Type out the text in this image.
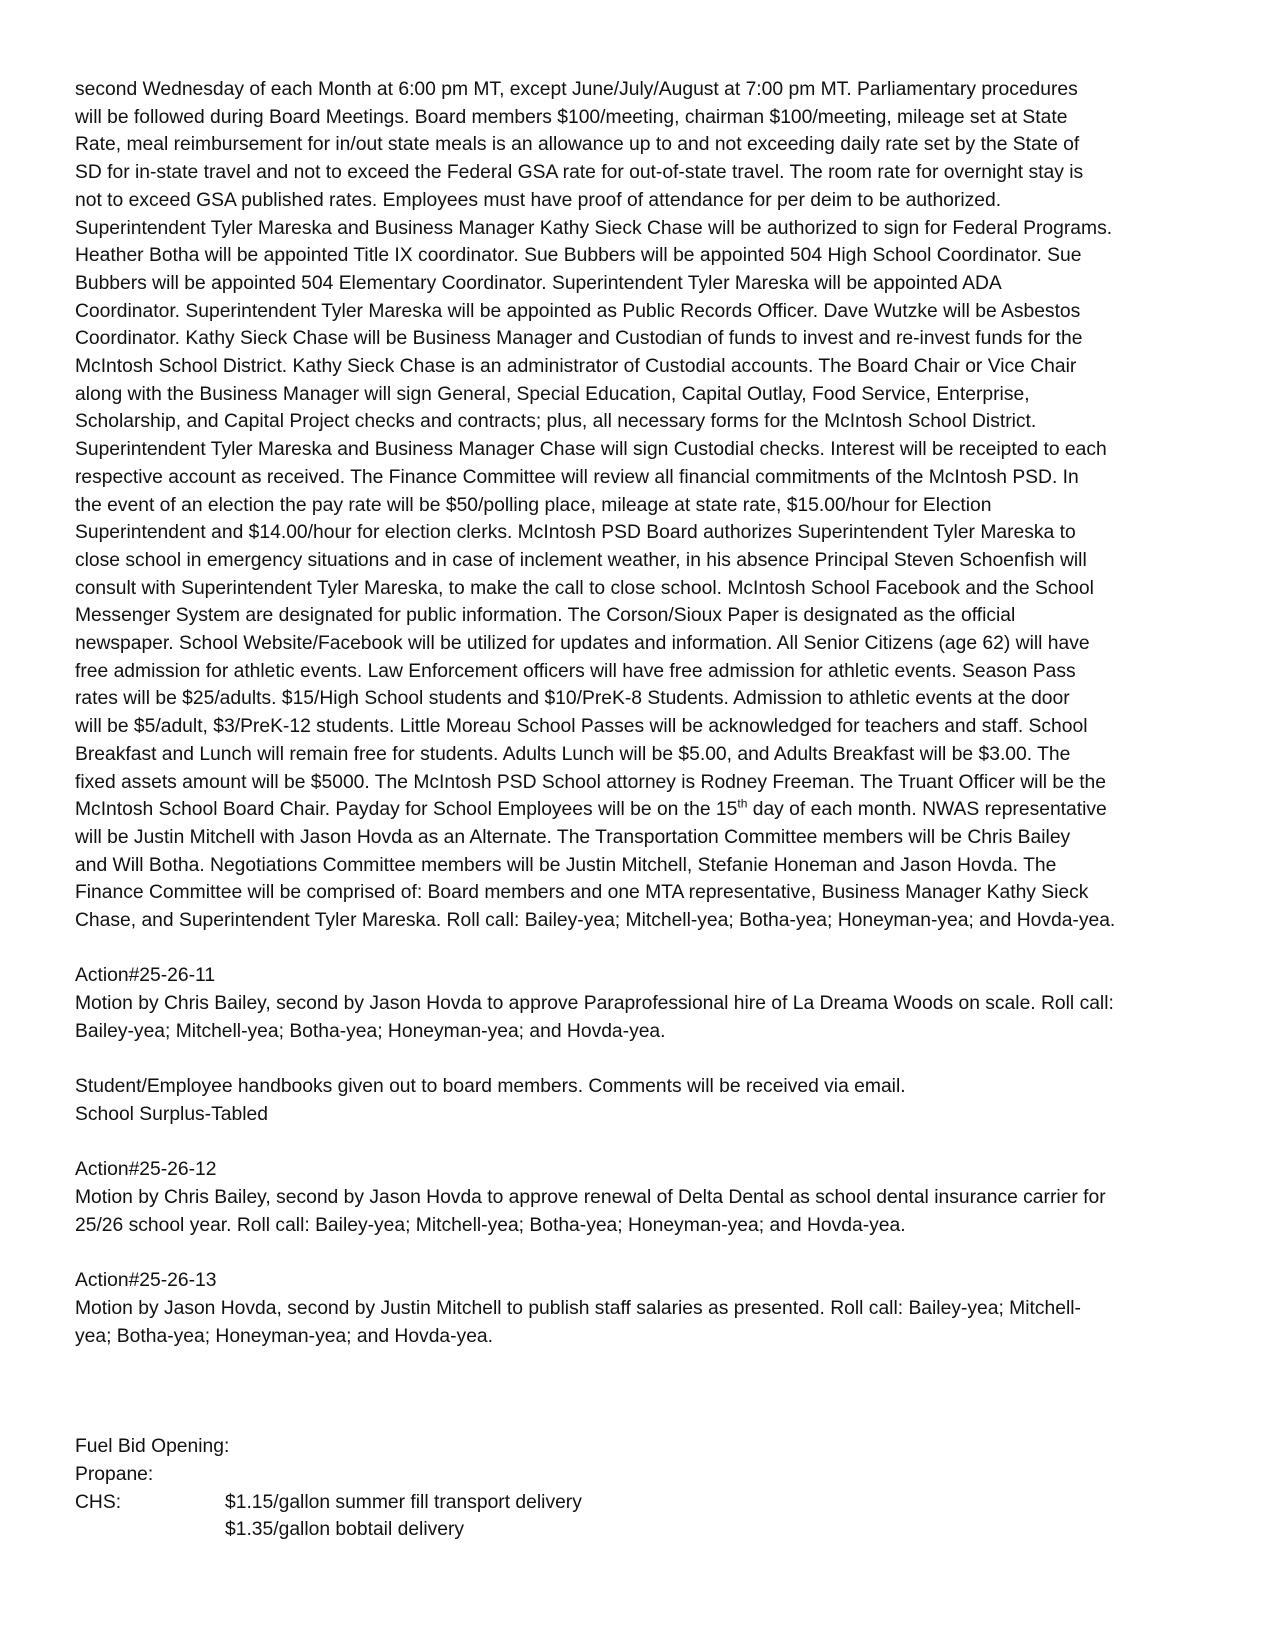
second Wednesday of each Month at 6:00 pm MT, except June/July/August at 7:00 pm MT. Parliamentary procedures
will be followed during Board Meetings. Board members $100/meeting, chairman $100/meeting, mileage set at State
Rate, meal reimbursement for in/out state meals is an allowance up to and not exceeding daily rate set by the State of
SD for in-state travel and not to exceed the Federal GSA rate for out-of-state travel. The room rate for overnight stay is
not to exceed GSA published rates. Employees must have proof of attendance for per deim to be authorized.
Superintendent Tyler Mareska and Business Manager Kathy Sieck Chase will be authorized to sign for Federal Programs.
Heather Botha will be appointed Title IX coordinator. Sue Bubbers will be appointed 504 High School Coordinator. Sue
Bubbers will be appointed 504 Elementary Coordinator. Superintendent Tyler Mareska will be appointed ADA
Coordinator. Superintendent Tyler Mareska will be appointed as Public Records Officer. Dave Wutzke will be Asbestos
Coordinator. Kathy Sieck Chase will be Business Manager and Custodian of funds to invest and re-invest funds for the
McIntosh School District. Kathy Sieck Chase is an administrator of Custodial accounts. The Board Chair or Vice Chair
along with the Business Manager will sign General, Special Education, Capital Outlay, Food Service, Enterprise,
Scholarship, and Capital Project checks and contracts; plus, all necessary forms for the McIntosh School District.
Superintendent Tyler Mareska and Business Manager Chase will sign Custodial checks. Interest will be receipted to each
respective account as received. The Finance Committee will review all financial commitments of the McIntosh PSD. In
the event of an election the pay rate will be $50/polling place, mileage at state rate, $15.00/hour for Election
Superintendent and $14.00/hour for election clerks. McIntosh PSD Board authorizes Superintendent Tyler Mareska to
close school in emergency situations and in case of inclement weather, in his absence Principal Steven Schoenfish will
consult with Superintendent Tyler Mareska, to make the call to close school. McIntosh School Facebook and the School
Messenger System are designated for public information. The Corson/Sioux Paper is designated as the official
newspaper. School Website/Facebook will be utilized for updates and information. All Senior Citizens (age 62) will have
free admission for athletic events. Law Enforcement officers will have free admission for athletic events. Season Pass
rates will be $25/adults. $15/High School students and $10/PreK-8 Students. Admission to athletic events at the door
will be $5/adult, $3/PreK-12 students. Little Moreau School Passes will be acknowledged for teachers and staff. School
Breakfast and Lunch will remain free for students. Adults Lunch will be $5.00, and Adults Breakfast will be $3.00. The
fixed assets amount will be $5000. The McIntosh PSD School attorney is Rodney Freeman. The Truant Officer will be the
McIntosh School Board Chair. Payday for School Employees will be on the 15th day of each month. NWAS representative
will be Justin Mitchell with Jason Hovda as an Alternate. The Transportation Committee members will be Chris Bailey
and Will Botha. Negotiations Committee members will be Justin Mitchell, Stefanie Honeman and Jason Hovda. The
Finance Committee will be comprised of: Board members and one MTA representative, Business Manager Kathy Sieck
Chase, and Superintendent Tyler Mareska. Roll call: Bailey-yea; Mitchell-yea; Botha-yea; Honeyman-yea; and Hovda-yea.
Action#25-26-11
Motion by Chris Bailey, second by Jason Hovda to approve Paraprofessional hire of La Dreama Woods on scale. Roll call:
Bailey-yea; Mitchell-yea; Botha-yea; Honeyman-yea; and Hovda-yea.
Student/Employee handbooks given out to board members. Comments will be received via email.
School Surplus-Tabled
Action#25-26-12
Motion by Chris Bailey, second by Jason Hovda to approve renewal of Delta Dental as school dental insurance carrier for
25/26 school year. Roll call: Bailey-yea; Mitchell-yea; Botha-yea; Honeyman-yea; and Hovda-yea.
Action#25-26-13
Motion by Jason Hovda, second by Justin Mitchell to publish staff salaries as presented. Roll call: Bailey-yea; Mitchell-
yea; Botha-yea; Honeyman-yea; and Hovda-yea.
Fuel Bid Opening:
Propane:
CHS:	$1.15/gallon summer fill transport delivery
$1.35/gallon bobtail delivery
